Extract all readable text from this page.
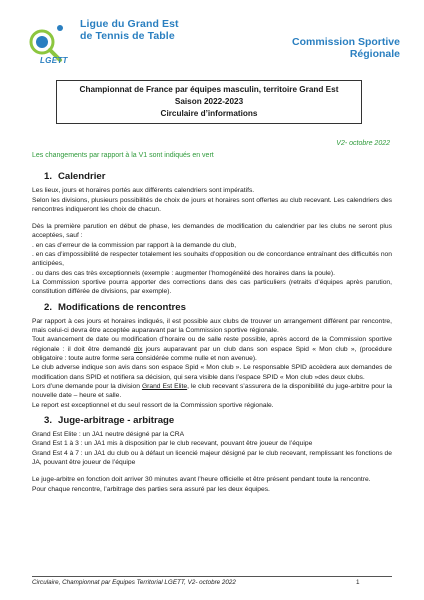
Ligue du Grand Est
de Tennis de Table
LGETT
Commission Sportive Régionale
Championnat de France par équipes masculin, territoire Grand Est
Saison 2022-2023
Circulaire d’informations
V2- octobre 2022
Les changements par rapport à la V1 sont indiqués en vert
1. Calendrier

Les lieux, jours et horaires portés aux différents calendriers sont impératifs.

Selon les divisions, plusieurs possibilités de choix de jours et horaires sont offertes au club recevant. Les calendriers des rencontres indiqueront les choix de chacun.

Dès la première parution en début de phase, les demandes de modification du calendrier par les clubs ne seront plus acceptées, sauf :

. en cas d’erreur de la commission par rapport à la demande du club,

. en cas d’impossibilité de respecter totalement les souhaits d’opposition ou de concordance entraînant des difficultés non anticipées,

. ou dans des cas très exceptionnels (exemple : augmenter l’homogénéité des horaires dans la poule).

La Commission sportive pourra apporter des corrections dans des cas particuliers (retraits d’équipes après parution, constitution différée de divisions, par exemple).

2. Modifications de rencontres

Par rapport à ces jours et horaires indiqués, il est possible aux clubs de trouver un arrangement différent par rencontre, mais celui-ci devra être acceptée auparavant par la Commission sportive régionale.

Tout avancement de date ou modification d’horaire ou de salle reste possible, après accord de la Commission sportive régionale : il doit être demandé dix jours auparavant par un club dans son espace Spid « Mon club », (procédure obligatoire : toute autre forme sera considérée comme nulle et non avenue).

Le club adverse indique son avis dans son espace Spid « Mon club ». Le responsable SPID accèdera aux demandes de modification dans SPID et notifiera sa décision, qui sera visible dans l’espace SPID « Mon club »des deux clubs.

Lors d’une demande pour la division Grand Est Elite, le club recevant s’assurera de la disponibilité du juge-arbitre pour la nouvelle date – heure et salle.

Le report est exceptionnel et du seul ressort de la Commission sportive régionale.

3. Juge-arbitrage - arbitrage

Grand Est Elite : un JA1 neutre désigné par la CRA

Grand Est 1 à 3 : un JA1 mis à disposition par le club recevant, pouvant être joueur de l’équipe

Grand Est 4 à 7 : un JA1 du club ou à défaut un licencié majeur désigné par le club recevant, remplissant les fonctions de JA, pouvant être joueur de l’équipe

Le juge-arbitre en fonction doit arriver 30 minutes avant l’heure officielle et être présent pendant toute la rencontre.

Pour chaque rencontre, l’arbitrage des parties sera assuré par les deux équipes.

Circulaire, Championnat par Equipes Territorial LGETT, V2- octobre 2022	1
